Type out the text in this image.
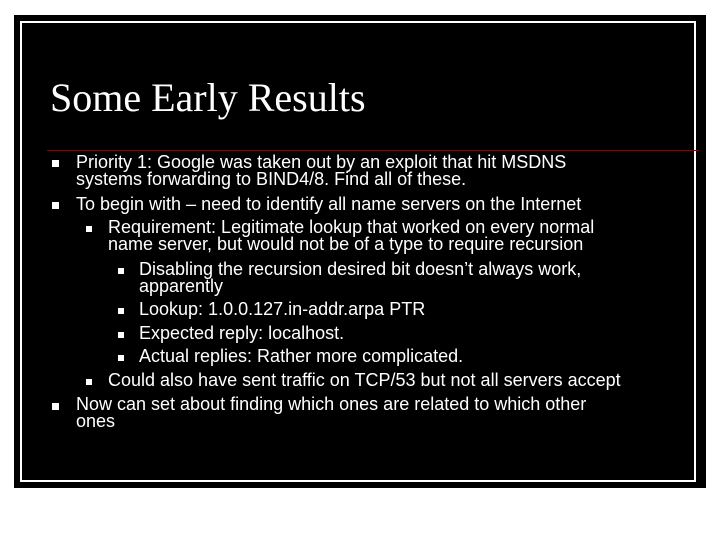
Some Early Results
Priority 1: Google was taken out by an exploit that hit MSDNS
systems forwarding to BIND4/8. Find all of these.
To begin with – need to identify all name servers on the Internet
Requirement: Legitimate lookup that worked on every normal
name server, but would not be of a type to require recursion
Disabling the recursion desired bit doesn’t always work,
apparently
Lookup: 1.0.0.127.in-addr.arpa PTR
Expected reply: localhost.
Actual replies: Rather more complicated.
Could also have sent traffic on TCP/53 but not all servers accept
Now can set about finding which ones are related to which other
ones
